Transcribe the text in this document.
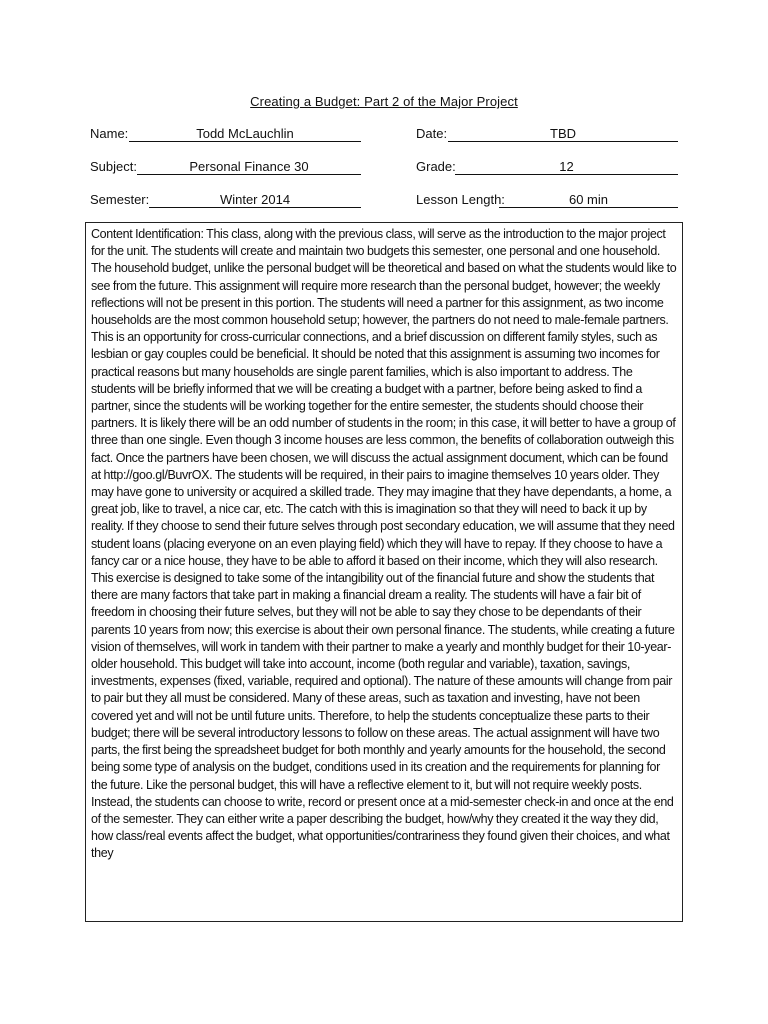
Creating a Budget: Part 2 of the Major Project
Name:	Todd McLauchlin	Date:	TBD
Subject:	Personal Finance 30	Grade:	12
Semester:	Winter 2014	Lesson Length:	60 min

Content Identification: This class, along with the previous class, will serve as the introduction to the major project for the unit. The students will create and maintain two budgets this semester, one personal and one household. The household budget, unlike the personal budget will be theoretical and based on what the students would like to see from the future. This assignment will require more research than the personal budget, however; the weekly reflections will not be present in this portion. The students will need a partner for this assignment, as two income households are the most common household setup; however, the partners do not need to male-female partners. This is an opportunity for cross-curricular connections, and a brief discussion on different family styles, such as lesbian or gay couples could be beneficial. It should be noted that this assignment is assuming two incomes for practical reasons but many households are single parent families, which is also important to address. The students will be briefly informed that we will be creating a budget with a partner, before being asked to find a partner, since the students will be working together for the entire semester, the students should choose their partners. It is likely there will be an odd number of students in the room; in this case, it will better to have a group of three than one single. Even though 3 income houses are less common, the benefits of collaboration outweigh this fact. Once the partners have been chosen, we will discuss the actual assignment document, which can be found at http://goo.gl/BuvrOX. The students will be required, in their pairs to imagine themselves 10 years older. They may have gone to university or acquired a skilled trade. They may imagine that they have dependants, a home, a great job, like to travel, a nice car, etc. The catch with this is imagination so that they will need to back it up by reality. If they choose to send their future selves through post secondary education, we will assume that they need student loans (placing everyone on an even playing field) which they will have to repay. If they choose to have a fancy car or a nice house, they have to be able to afford it based on their income, which they will also research. This exercise is designed to take some of the intangibility out of the financial future and show the students that there are many factors that take part in making a financial dream a reality. The students will have a fair bit of freedom in choosing their future selves, but they will not be able to say they chose to be dependants of their parents 10 years from now; this exercise is about their own personal finance. The students, while creating a future vision of themselves, will work in tandem with their partner to make a yearly and monthly budget for their 10-year-older household. This budget will take into account, income (both regular and variable), taxation, savings, investments, expenses (fixed, variable, required and optional). The nature of these amounts will change from pair to pair but they all must be considered. Many of these areas, such as taxation and investing, have not been covered yet and will not be until future units. Therefore, to help the students conceptualize these parts to their budget; there will be several introductory lessons to follow on these areas. The actual assignment will have two parts, the first being the spreadsheet budget for both monthly and yearly amounts for the household, the second being some type of analysis on the budget, conditions used in its creation and the requirements for planning for the future. Like the personal budget, this will have a reflective element to it, but will not require weekly posts. Instead, the students can choose to write, record or present once at a mid-semester check-in and once at the end of the semester. They can either write a paper describing the budget, how/why they created it the way they did, how class/real events affect the budget, what opportunities/contrariness they found given their choices, and what they
